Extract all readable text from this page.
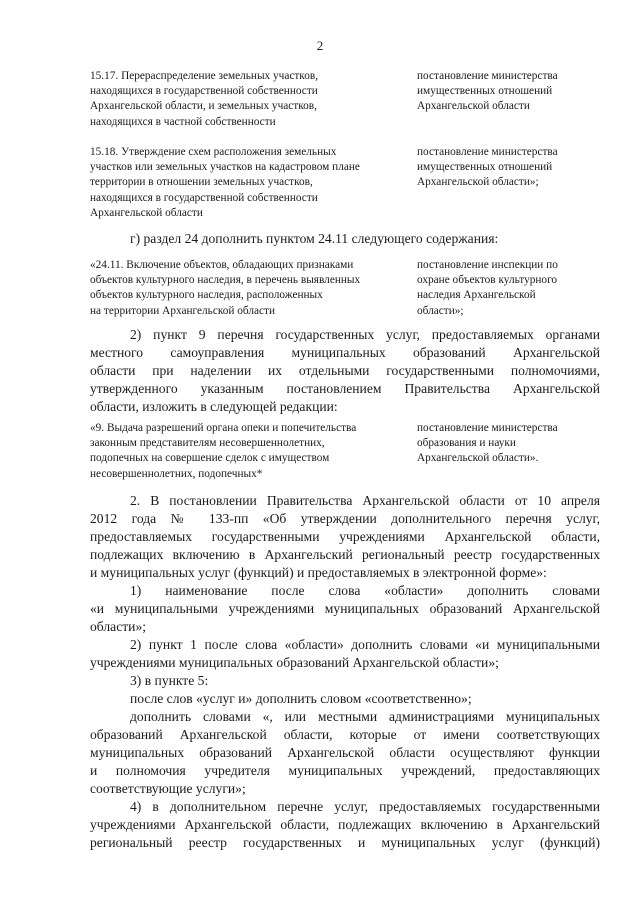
2
15.17. Перераспределение земельных участков,
находящихся в государственной собственности
Архангельской области, и земельных участков,
находящихся в частной собственности
постановление министерства
имущественных отношений
Архангельской области
15.18. Утверждение схем расположения земельных
участков или земельных участков на кадастровом плане
территории в отношении земельных участков,
находящихся в государственной собственности
Архангельской области
постановление министерства
имущественных отношений
Архангельской области»;
г) раздел 24 дополнить пунктом 24.11 следующего содержания:
«24.11. Включение объектов, обладающих признаками
объектов культурного наследия, в перечень выявленных
объектов культурного наследия, расположенных
на территории Архангельской области
постановление инспекции по
охране объектов культурного
наследия Архангельской
области»;
2) пункт 9 перечня государственных услуг, предоставляемых органами
местного самоуправления муниципальных образований Архангельской
области при наделении их отдельными государственными полномочиями,
утвержденного указанным постановлением Правительства Архангельской
области, изложить в следующей редакции:
«9. Выдача разрешений органа опеки и попечительства
законным представителям несовершеннолетних,
подопечных на совершение сделок с имуществом
несовершеннолетних, подопечных*
постановление министерства
образования и науки
Архангельской области».
2. В постановлении Правительства Архангельской области от 10 апреля
2012 года № 133-пп «Об утверждении дополнительного перечня услуг,
предоставляемых государственными учреждениями Архангельской области,
подлежащих включению в Архангельский региональный реестр государственных
и муниципальных услуг (функций) и предоставляемых в электронной форме»:
1) наименование после слова «области» дополнить словами
«и муниципальными учреждениями муниципальных образований Архангельской
области»;
2) пункт 1 после слова «области» дополнить словами «и муниципальными
учреждениями муниципальных образований Архангельской области»;
3) в пункте 5:
после слов «услуг и» дополнить словом «соответственно»;
дополнить словами «, или местными администрациями муниципальных
образований Архангельской области, которые от имени соответствующих
муниципальных образований Архангельской области осуществляют функции
и полномочия учредителя муниципальных учреждений, предоставляющих
соответствующие услуги»;
4) в дополнительном перечне услуг, предоставляемых государственными
учреждениями Архангельской области, подлежащих включению в Архангельский
региональный реестр государственных и муниципальных услуг (функций)
